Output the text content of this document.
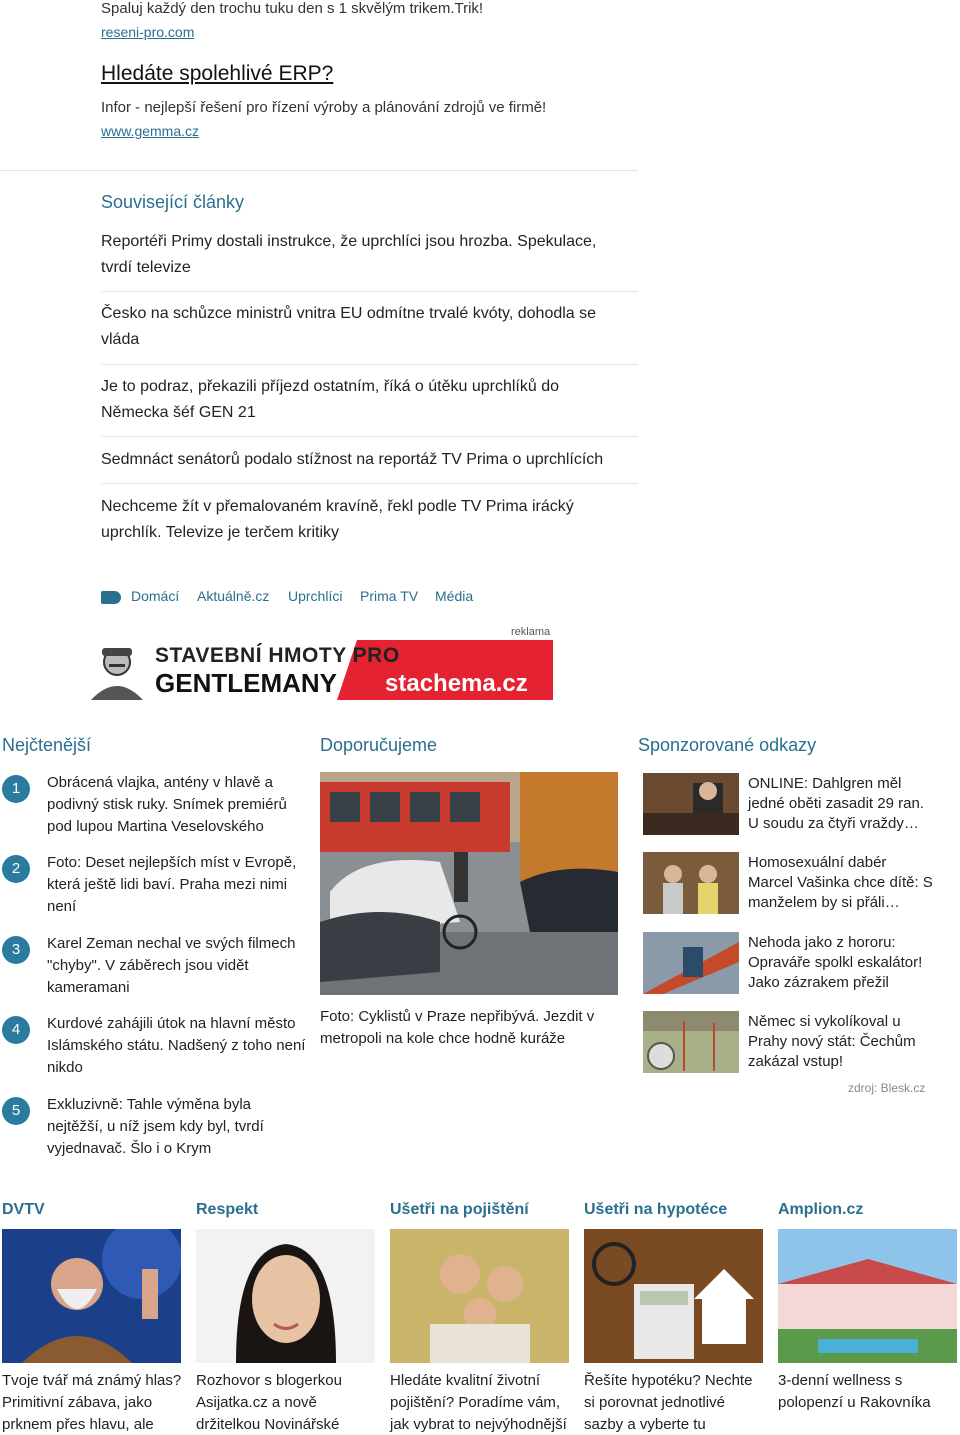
Spaluj každý den trochu tuku den s 1 skvělým trikem.Trik!
reseni-pro.com
Hledáte spolehlivé ERP?
Infor - nejlepší řešení pro řízení výroby a plánování zdrojů ve firmě!
www.gemma.cz
Související články
Reportéři Primy dostali instrukce, že uprchlíci jsou hrozba. Spekulace, tvrdí televize
Česko na schůzce ministrů vnitra EU odmítne trvalé kvóty, dohodla se vláda
Je to podraz, překazili příjezd ostatním, říká o útěku uprchlíků do Německa šéf GEN 21
Sedmnáct senátorů podalo stížnost na reportáž TV Prima o uprchlících
Nechceme žít v přemalovaném kravíně, řekl podle TV Prima irácký uprchlík. Televize je terčem kritiky
Domácí Aktuálně.cz Uprchlíci Prima TV Média
reklama
STAVEBNÍ HMOTY PRO
GENTLEMANY stachema.cz
Nejčtenější	Doporučujeme	Sponzorované odkazy
1	Obrácená vlajka, antény v hlavě a podivný stisk ruky. Snímek premiérů pod lupou Martina Veselovského
2	Foto: Deset nejlepších míst v Evropě, která ještě lidi baví. Praha mezi nimi není
3	Karel Zeman nechal ve svých filmech "chyby". V záběrech jsou vidět kameramani
4	Kurdové zahájili útok na hlavní město Islámského státu. Nadšený z toho není nikdo
5	Exkluzivně: Tahle výměna byla nejtěžší, u níž jsem kdy byl, tvrdí vyjednavač. Šlo i o Krym
Foto: Cyklistů v Praze nepřibývá. Jezdit v metropoli na kole chce hodně kuráže
ONLINE: Dahlgren měl jedné oběti zasadit 29 ran. U soudu za čtyři vraždy…
Homosexuální dabér Marcel Vašinka chce dítě: S manželem by si přáli…
Nehoda jako z hororu: Opraváře spolkl eskalátor! Jako zázrakem přežil
Němec si vykolíkoval u Prahy nový stát: Čechům zakázal vstup!
zdroj: Blesk.cz
DVTV	Respekt	Ušetři na pojištění	Ušetři na hypotéce	Amplion.cz
Tvoje tvář má známý hlas? Primitivní zábava, jako prknem přes hlavu, ale
Rozhovor s blogerkou Asijatka.cz a nově držitelkou Novinářské
Hledáte kvalitní životní pojištění? Poradíme vám, jak vybrat to nejvýhodnější
Řešíte hypotéku? Nechte si porovnat jednotlivé sazby a vyberte tu
3-denní wellness s polopenzí u Rakovníka
